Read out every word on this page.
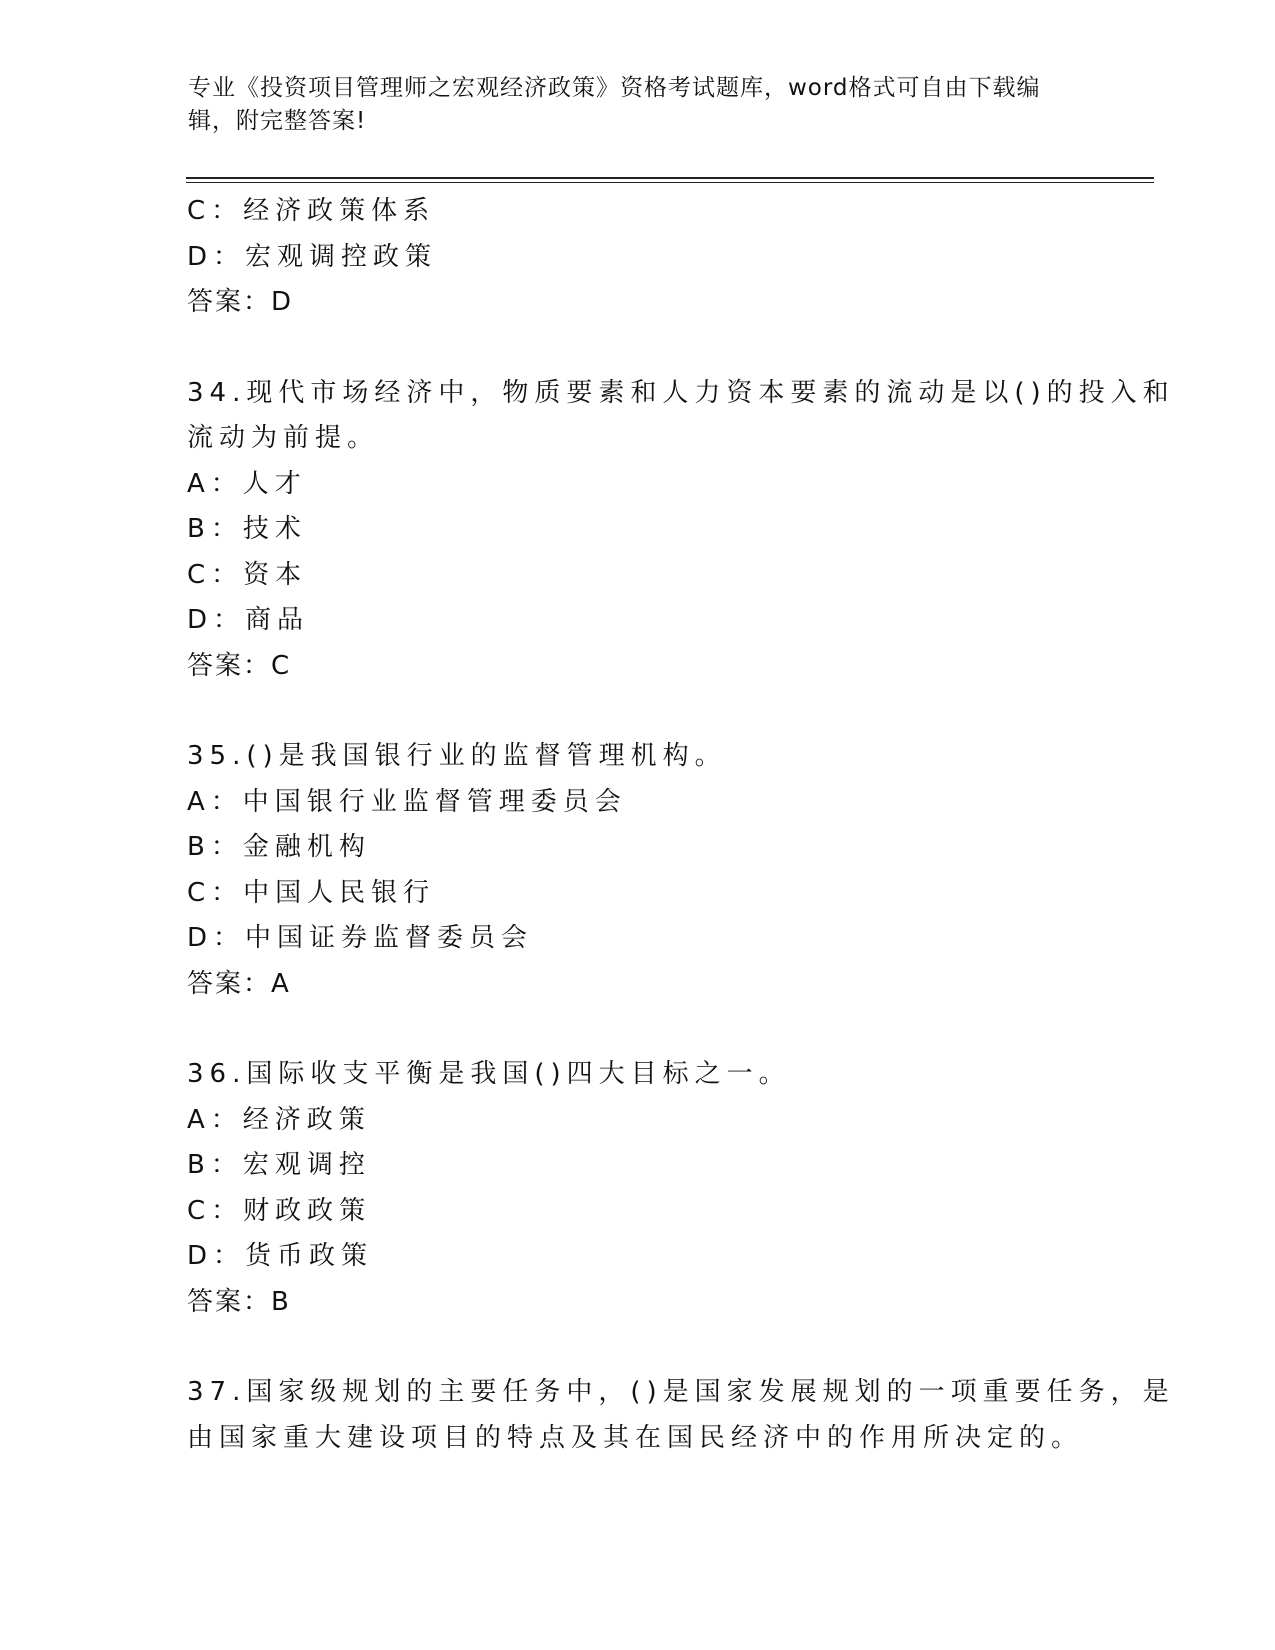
专业《投资项目管理师之宏观经济政策》资格考试题库，word格式可自由下载编
辑，附完整答案!
C：经济政策体系
D：宏观调控政策
答案：D
34.现代市场经济中，物质要素和人力资本要素的流动是以()的投入和
流动为前提。
A：人才
B：技术
C：资本
D：商品
答案：C
35.()是我国银行业的监督管理机构。
A：中国银行业监督管理委员会
B：金融机构
C：中国人民银行
D：中国证券监督委员会
答案：A
36.国际收支平衡是我国()四大目标之一。
A：经济政策
B：宏观调控
C：财政政策
D：货币政策
答案：B
37.国家级规划的主要任务中，()是国家发展规划的一项重要任务，是
由国家重大建设项目的特点及其在国民经济中的作用所决定的。
